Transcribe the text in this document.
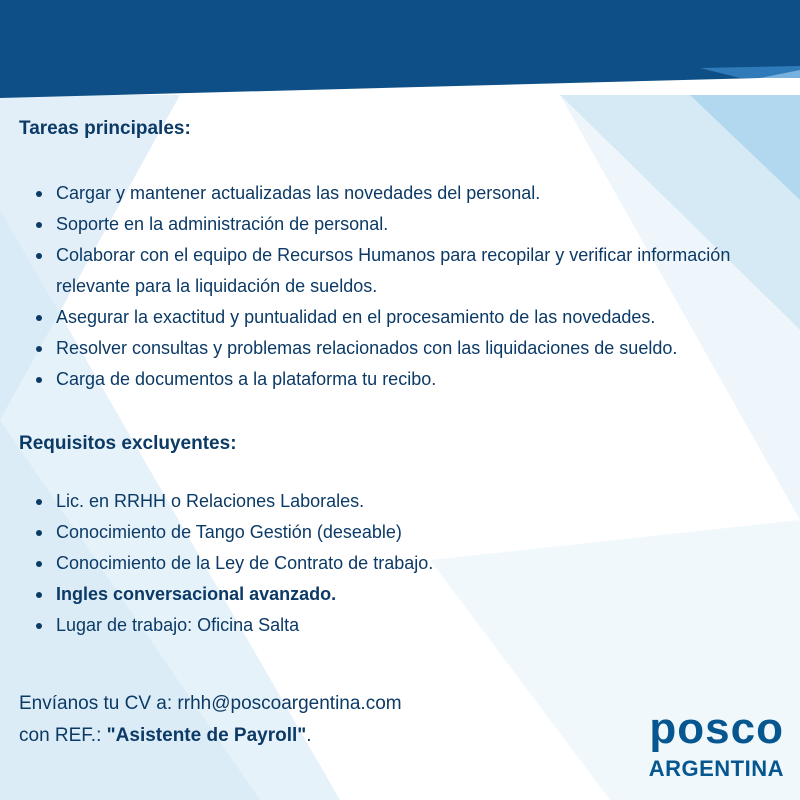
Tareas principales:
Cargar y mantener actualizadas las novedades del personal.
Soporte en la administración de personal.
Colaborar con el equipo de Recursos Humanos para recopilar y verificar información relevante para la liquidación de sueldos.
Asegurar la exactitud y puntualidad en el procesamiento de las novedades.
Resolver consultas y problemas relacionados con las liquidaciones de sueldo.
Carga de documentos a la plataforma tu recibo.
Requisitos excluyentes:
Lic. en RRHH o Relaciones Laborales.
Conocimiento de Tango Gestión (deseable)
Conocimiento de la Ley de Contrato de trabajo.
Ingles conversacional avanzado.
Lugar de trabajo: Oficina Salta
Envíanos tu CV a: rrhh@poscoargentina.com
con REF.: "Asistente de Payroll".	posco
ARGENTINA
